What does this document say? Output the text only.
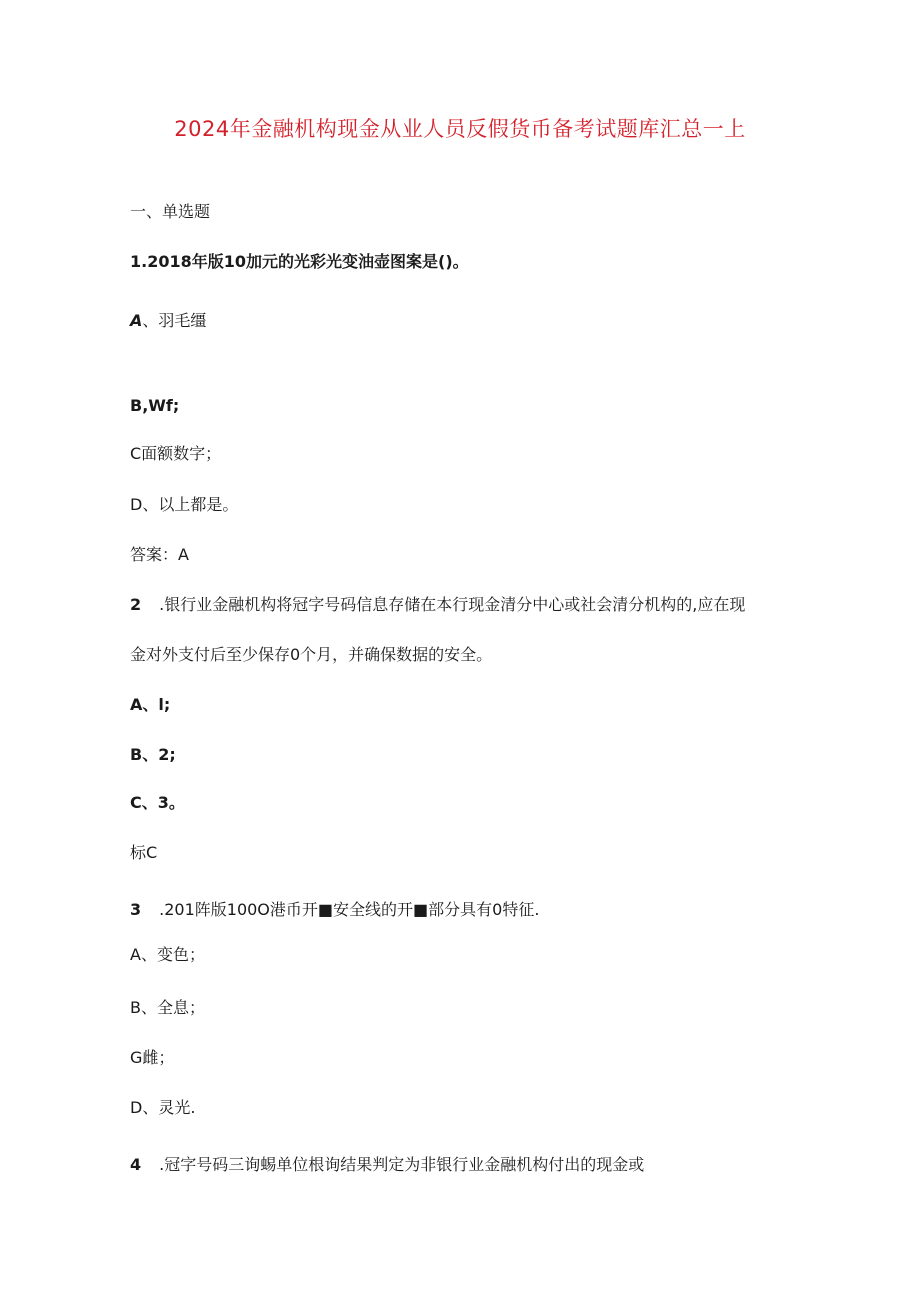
2024年金融机构现金从业人员反假货币备考试题库汇总一上
一、单选题
1.2018年版10加元的光彩光变油壶图案是()。
A、羽毛缰
B,Wf;
C面额数字；
D、以上都是。
答案：A
2 .银行业金融机构将冠字号码信息存储在本行现金清分中心或社会清分机构的,应在现
金对外支付后至少保存0个月，并确保数据的安全。
A、l;
B、2;
C、3。
标C
3 .201阵版100O港币开■安全线的开■部分具有0特征.
A、变色；
B、全息；
G雌；
D、灵光.
4 .冠字号码三询蜴单位根询结果判定为非银行业金融机构付出的现金或
